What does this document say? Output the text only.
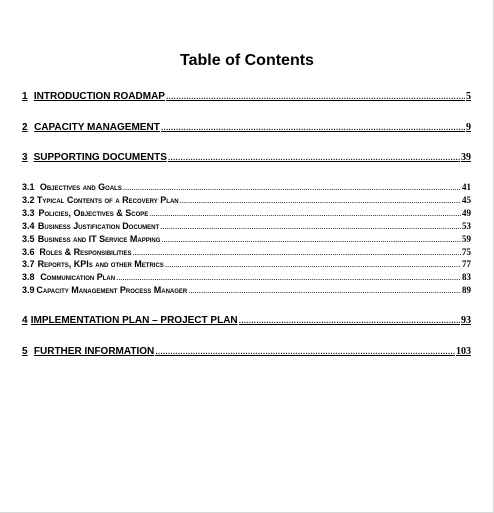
Table of Contents
1 INTRODUCTION ROADMAP .....	5
2 CAPACITY MANAGEMENT .....	9
3 SUPPORTING DOCUMENTS .....	39
3.1 Objectives and Goals .....	41
3.2 Typical Contents of a Recovery Plan .....	45
3.3 Policies, Objectives & Scope .....	49
3.4 Business Justification Document .....	53
3.5 Business and IT Service Mapping .....	59
3.6 Roles & Responsibilities .....	75
3.7 Reports, KPIs and other Metrics .....	77
3.8 Communication Plan .....	83
3.9 Capacity Management Process Manager .....	89
4 IMPLEMENTATION PLAN – PROJECT PLAN .....	93
5 FURTHER INFORMATION .....	103
